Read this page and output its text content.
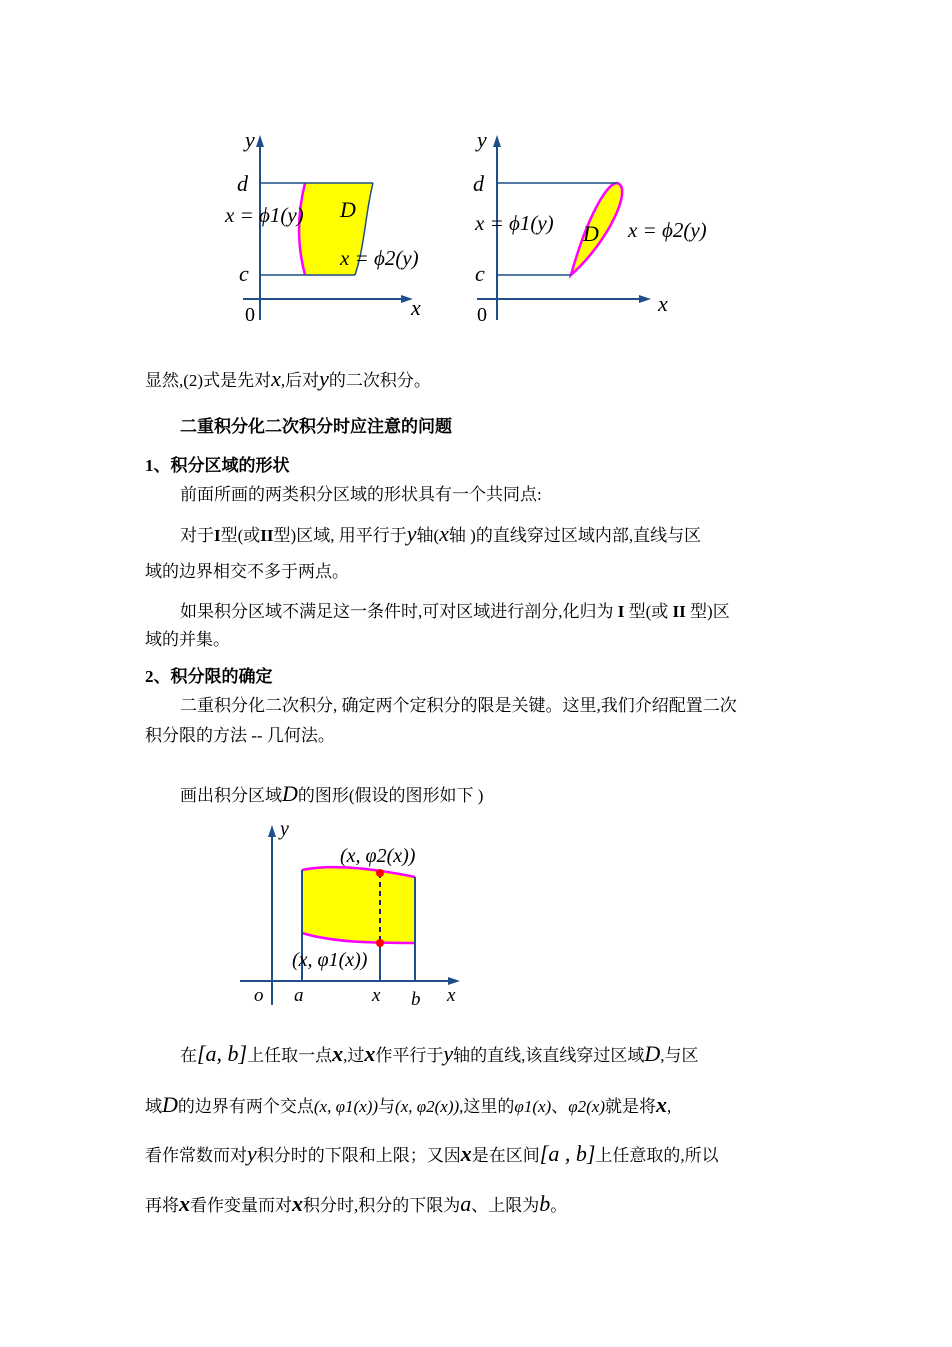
y
d
c
0	x
D
x = ϕ1(y)
x = ϕ2(y)
y
d
c
0	x
D
x = ϕ1(y)	x = ϕ2(y)
显然,(2)式是先对x,后对y的二次积分。
二重积分化二次积分时应注意的问题
1、积分区域的形状
前面所画的两类积分区域的形状具有一个共同点:
对于I型(或II型)区域, 用平行于y轴(x轴 )的直线穿过区域内部,直线与区
域的边界相交不多于两点。
如果积分区域不满足这一条件时,可对区域进行剖分,化归为 I 型(或 II 型)区
域的并集。
2、积分限的确定
二重积分化二次积分, 确定两个定积分的限是关键。这里,我们介绍配置二次
积分限的方法 -- 几何法。
画出积分区域D的图形(假设的图形如下 )
y
(x, φ2(x))
(x, φ1(x))
o a	x b x
在[a, b]上任取一点x,过x作平行于y轴的直线,该直线穿过区域D,与区
域D的边界有两个交点(x, φ1(x))与(x, φ2(x)),这里的φ1(x)、φ2(x)就是将x,
看作常数而对y积分时的下限和上限；又因x是在区间[a , b]上任意取的,所以
再将x看作变量而对x积分时,积分的下限为a、上限为b。
